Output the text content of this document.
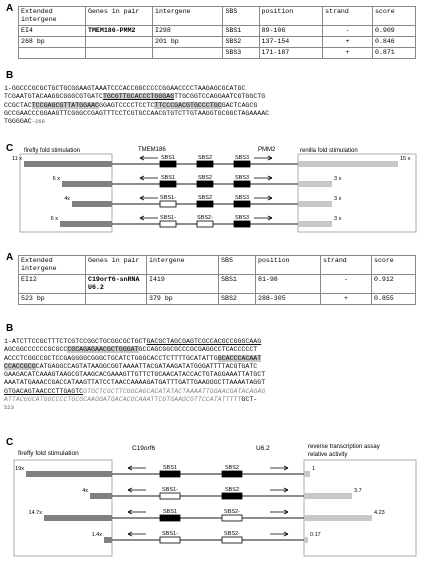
A Extended intergene	Genes in pair	intergene	SBS	position	strand	score
EI4	TMEM186-PMM2	I298	SBS1	89-106	-	0.909
268 bp		201 bp	SBS2	137-154	+	0.846
			SBS3	171-187	+	0.871
B
1-GGCCCGCGCTGCTGCGGAAGTAAATCCCACCGGCCCCCGGAACCCCTAAGAGCGCATGC
TCGAATGTACAAGGCGGGCGTGATCTGCGTTGCACCCTGGGAGTTGCGGTCCAGGAATCGTGGCTG
CCGCTACTCCGAGCGTTATGGAACGGAGTCCCCTCCTCTTCCCGACGTGCCCTGCGACTCAGCG
GCCGAACCCGGAAGTTCGGGCCGAGTTTCCTCGTGCCAACGTGTCTTGTAAGGTGCGGCTAGAAAAC
TGGGGAC-268
C firefly fold stimulation	renilla fold stimulation
TMEM186	PMM2
11 x	SBS1	SBS2	SBS3	15 x
6 x	SBS1	SBS2	SBS3	3 x
4x	SBS1-	SBS2	SBS3	3 x
6 x	SBS1-	SBS2-	SBS3	3 x
A Extended intergene	Genes in pair	intergene	SBS	position	strand	score
EI12	C19orf6-snRNA U6.2	I419	SBS1	81-98	-	0.912
523 bp		379 bp	SBS2	288-305	+	0.855
B
1-ATCTTCCGCTTTCTCGTCCGGCTGCGGCGCTGCTGACGCTAGCGAGTCGCCACGCCGGGCAAG
AGCGGCCCCCCGCGCCCGCAGAGAACGCTGGGATGCCAGCGGCGCCCGCGAGGCCTCACCCCCT
ACCCTCGGCCGCTCCGAGGGGCGGGCTGCATCTGGGCACCTCTTTTGCATATTGGCACCCACAAT
CCACCGCGCATGAGGCCAGTATAAGGCGGTAAAATTACGATAAGATATGGGATTTTACGTGATC
GAAGACATCAAAGTAAGCGTAAGCACGAAAGTTGTTCTGCAACATACCACTGTAGGAAATTATGCT
AAATATGAAACCGACCATAAGTTATCCTAACCAAAAGATGATTTGATTGAAGGGCTTAAAATAGGT
GTGACAGTAACCCTTGAGTCGTGCTCGCTTCGGCAGCACATATACTAAAATTGGAACGATACAGAG
ATTACGGCATGGCCCCTGCGCAAGGATGACACGCAAATTCGTGAAGCGTTCCATATTTTTGCT-
523
C
firefly fold stimulation
reverse transcription assay
relative activity
C19orf6	U6.2
19x	SBS1	SBS2	1
4x	SBS1-	SBS2	3.7
14.7x	SBS1	SBS2-	4.23
1.4x	SBS1-	SBS2-	0.17
